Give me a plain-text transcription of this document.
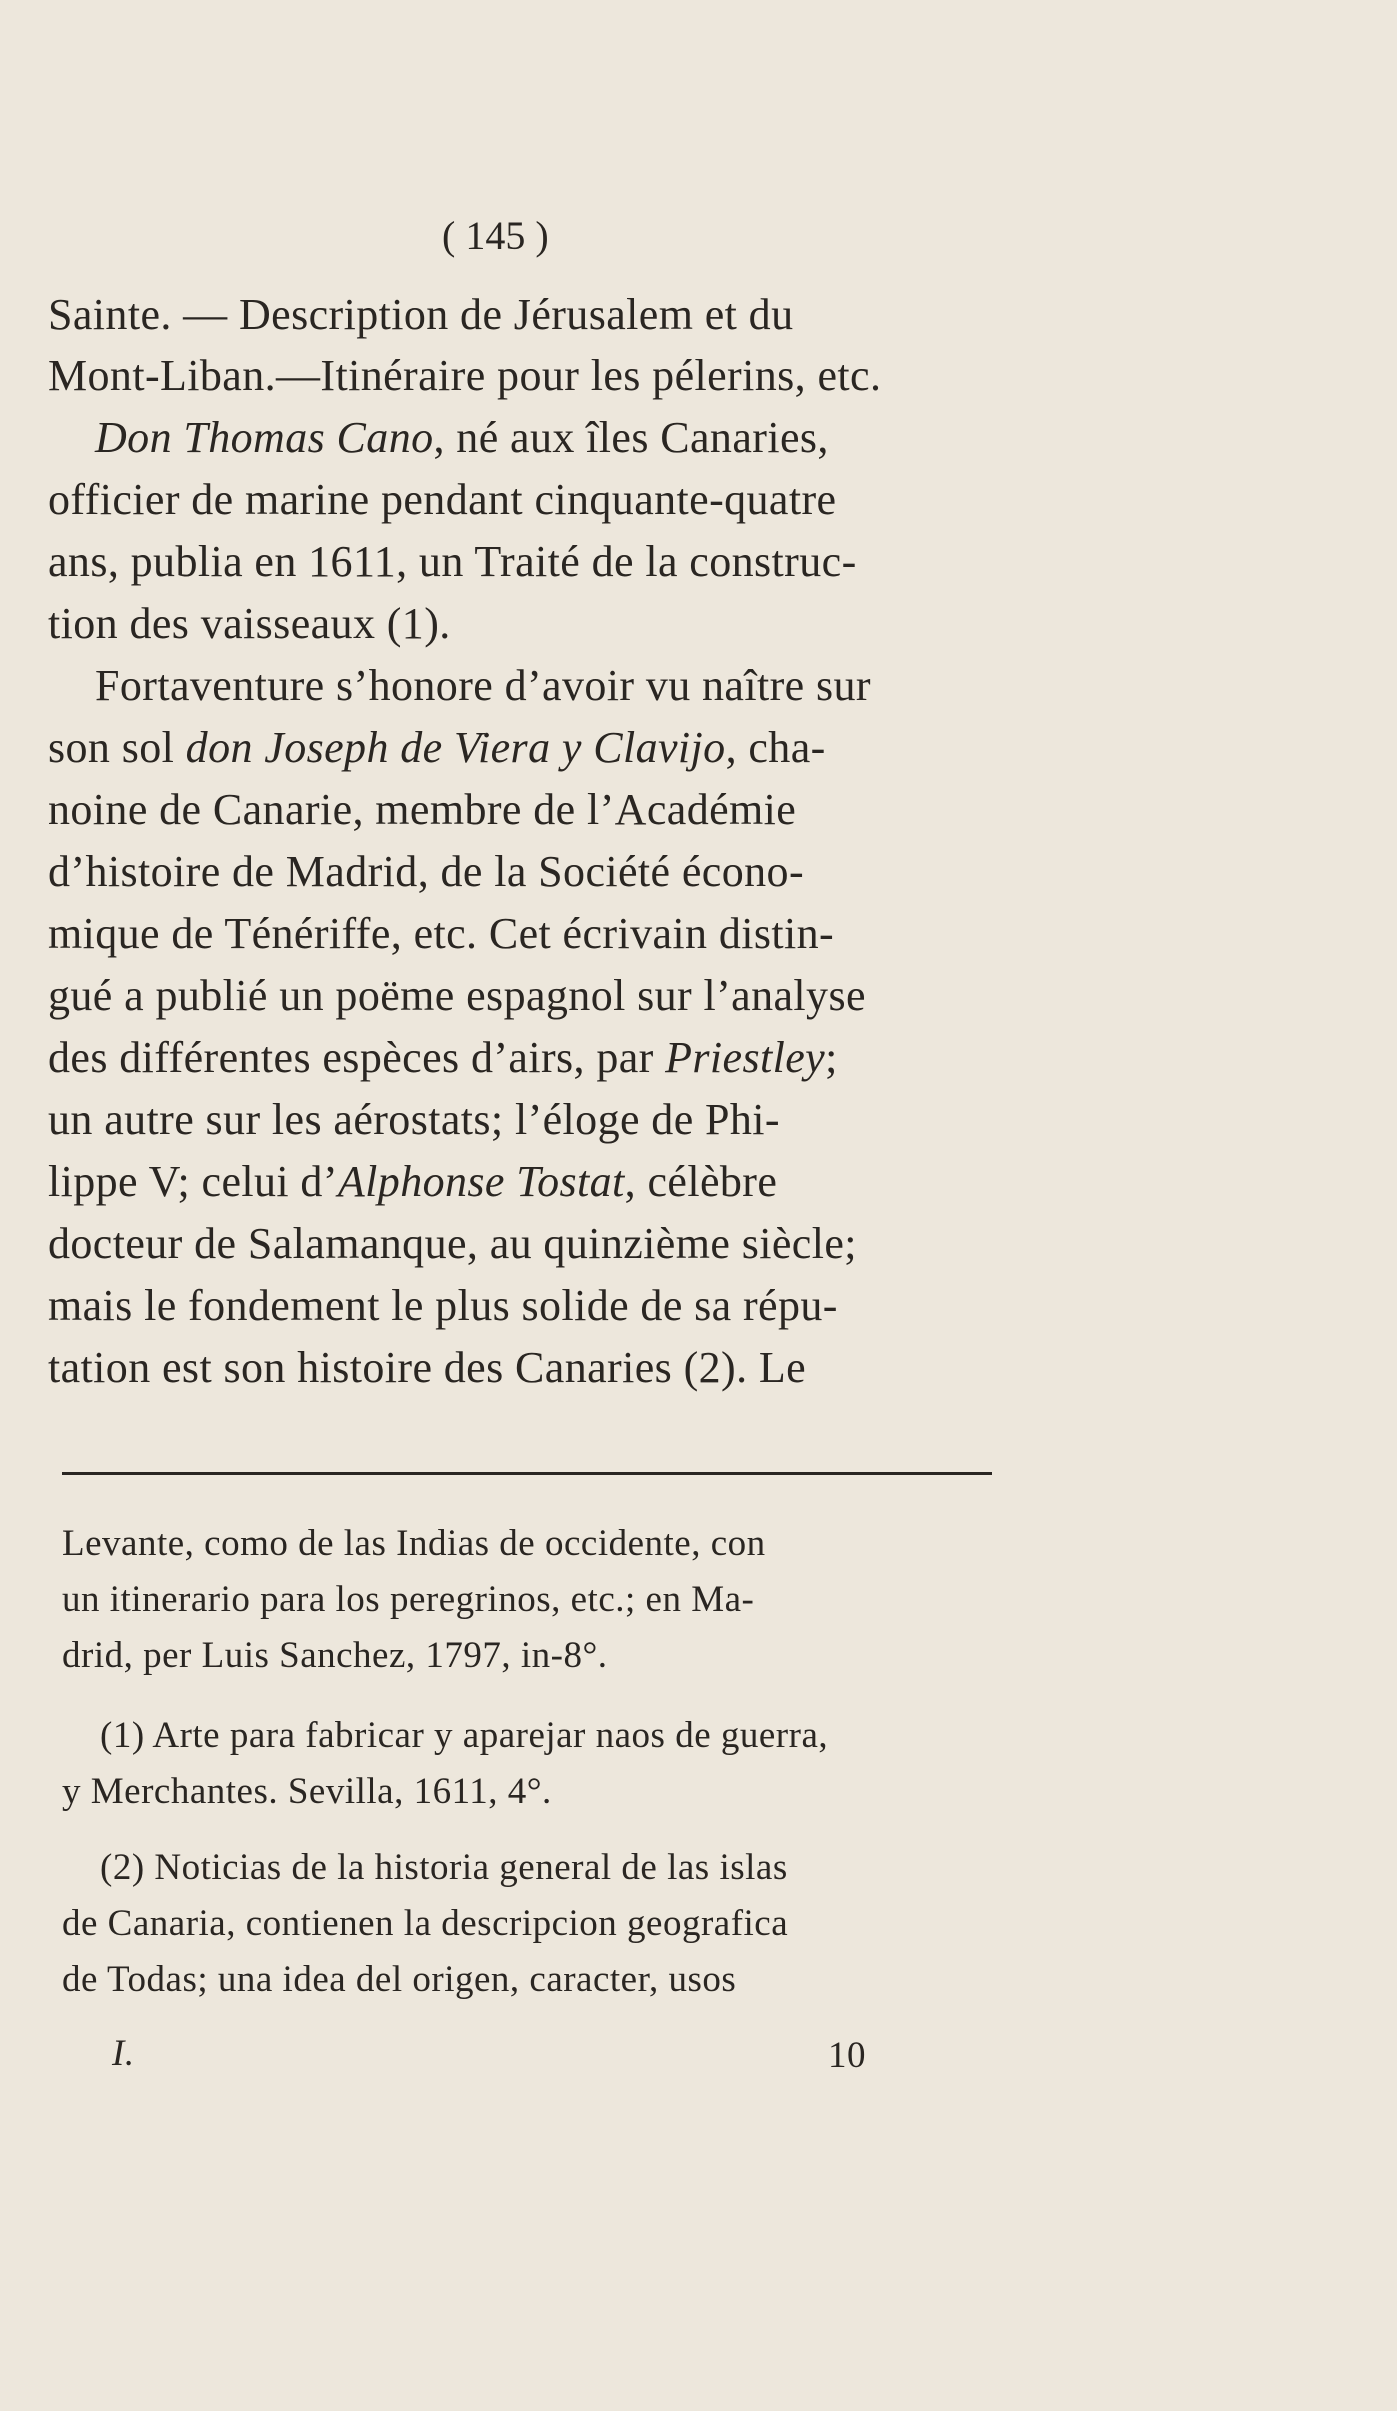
( 145 )
Sainte. — Description de Jérusalem et du
Mont-Liban.—Itinéraire pour les pélerins, etc.
Don Thomas Cano, né aux îles Canaries,
officier de marine pendant cinquante-quatre
ans, publia en 1611, un Traité de la construc-
tion des vaisseaux (1).
Fortaventure s’honore d’avoir vu naître sur
son sol don Joseph de Viera y Clavijo, cha-
noine de Canarie, membre de l’Académie
d’histoire de Madrid, de la Société écono-
mique de Ténériffe, etc. Cet écrivain distin-
gué a publié un poëme espagnol sur l’analyse
des différentes espèces d’airs, par Priestley;
un autre sur les aérostats; l’éloge de Phi-
lippe V; celui d’Alphonse Tostat, célèbre
docteur de Salamanque, au quinzième siècle;
mais le fondement le plus solide de sa répu-
tation est son histoire des Canaries (2). Le
Levante, como de las Indias de occidente, con
un itinerario para los peregrinos, etc.; en Ma-
drid, per Luis Sanchez, 1797, in-8°.
(1) Arte para fabricar y aparejar naos de guerra,
y Merchantes. Sevilla, 1611, 4°.
(2) Noticias de la historia general de las islas
de Canaria, contienen la descripcion geografica
de Todas; una idea del origen, caracter, usos
I.	10
